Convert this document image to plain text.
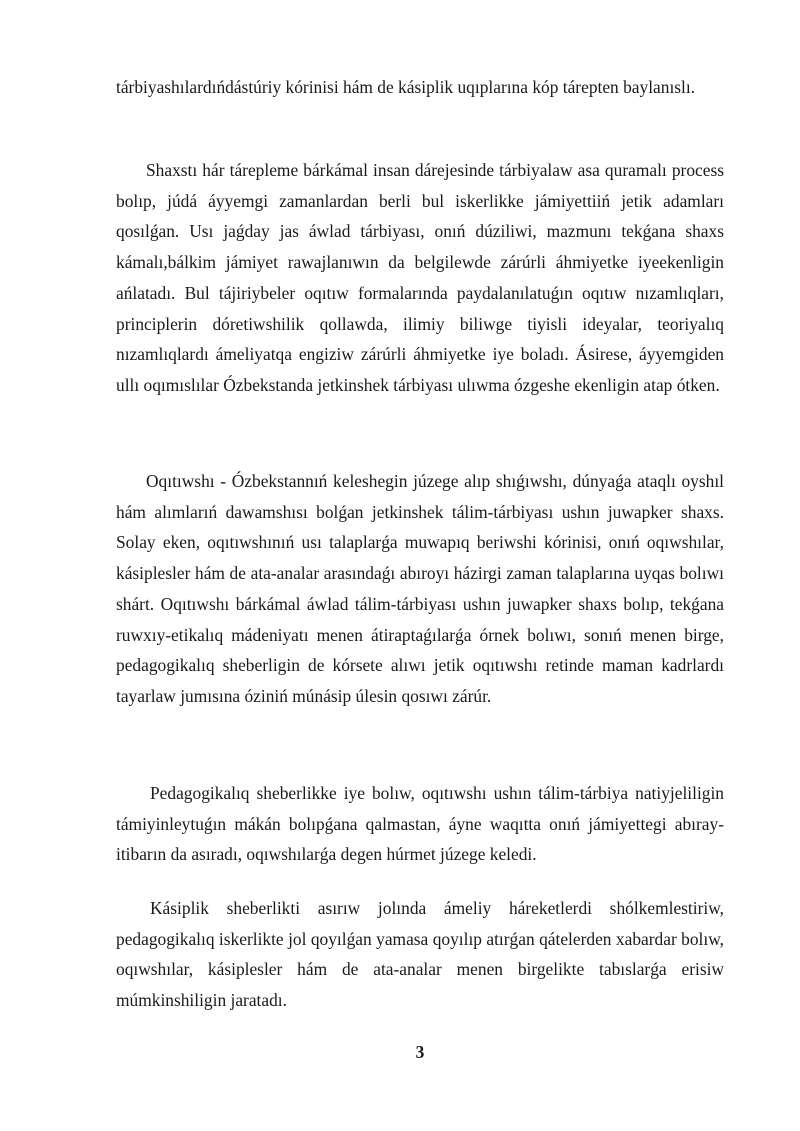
tárbiyashılardıńdástúriy kórinisi hám de kásiplik uqıplarına kóp tárepten baylanıslı.

Shaxstı hár tárepleme bárkámal insan dárejesinde tárbiyalaw asa quramalı process bolıp, júdá áyyemgi zamanlardan berli bul iskerlikke jámiyettiiń jetik adamları qosılǵan. Usı jaǵday jas áwlad tárbiyası, onıń dúziliwi, mazmunı tekǵana shaxs kámalı,bálkim jámiyet rawajlanıwın da belgilewde zárúrli áhmiyetke iyeekenligin ańlatadı. Bul tájiriybeler oqıtıw formalarında paydalanılatuǵın oqıtıw nızamlıqları, principlerin dóretiwshilik qollawda, ilimiy biliwge tiyisli ideyalar, teoriyalıq nızamlıqlardı ámeliyatqa engiziw zárúrli áhmiyetke iye boladı. Ásirese, áyyemgiden ullı oqımıslılar Ózbekstanda jetkinshek tárbiyası ulıwma ózgeshe ekenligin atap ótken.

Oqıtıwshı - Ózbekstannıń keleshegin júzege alıp shıǵıwshı, dúnyaǵa ataqlı oyshıl hám alımlarıń dawamshısı bolǵan jetkinshek tálim-tárbiyası ushın juwapker shaxs. Solay eken, oqıtıwshınıń usı talaplarǵa muwapıq beriwshi kórinisi, onıń oqıwshılar, kásiplesler hám de ata-analar arasındaǵı abıroyı házirgi zaman talaplarına uyqas bolıwı shárt. Oqıtıwshı bárkámal áwlad tálim-tárbiyası ushın juwapker shaxs bolıp, tekǵana ruwxıy-etikalıq mádeniyatı menen átiraptaǵılarǵa órnek bolıwı, sonıń menen birge, pedagogikalıq sheberligin de kórsete alıwı jetik oqıtıwshı retinde maman kadrlardı tayarlaw jumısına óziniń múnásip úlesin qosıwı zárúr.

Pedagogikalıq sheberlikke iye bolıw, oqıtıwshı ushın tálim-tárbiya natiyjeliligin támiyinleytuǵın mákán bolıpǵana qalmastan, áyne waqıtta onıń jámiyettegi abıray-itibarın da asıradı, oqıwshılarǵa degen húrmet júzege keledi.

Kásiplik sheberlikti asırıw jolında ámeliy háreketlerdi shólkemlestiriw, pedagogikalıq iskerlikte jol qoyılǵan yamasa qoyılıp atırǵan qátelerden xabardar bolıw, oqıwshılar, kásiplesler hám de ata-analar menen birgelikte tabıslarǵa erisiw múmkinshiligin jaratadı.

3
